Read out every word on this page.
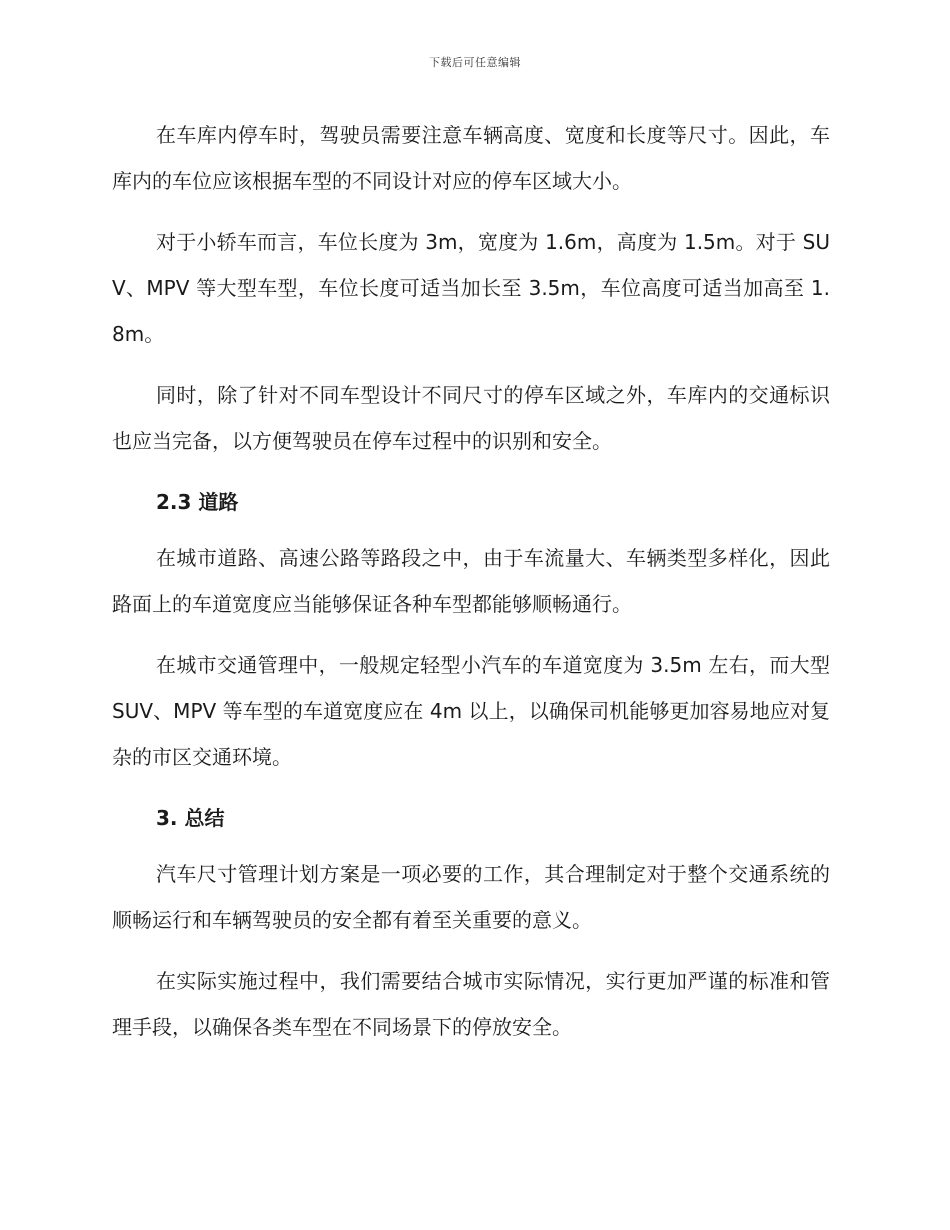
下载后可任意编辑

在车库内停车时，驾驶员需要注意车辆高度、宽度和长度等尺寸。因此，车库内的车位应该根据车型的不同设计对应的停车区域大小。

对于小轿车而言，车位长度为 3m，宽度为 1.6m，高度为 1.5m。对于 SUV、MPV 等大型车型，车位长度可适当加长至 3.5m，车位高度可适当加高至 1.8m。

同时，除了针对不同车型设计不同尺寸的停车区域之外，车库内的交通标识也应当完备，以方便驾驶员在停车过程中的识别和安全。

2.3 道路

在城市道路、高速公路等路段之中，由于车流量大、车辆类型多样化，因此路面上的车道宽度应当能够保证各种车型都能够顺畅通行。

在城市交通管理中，一般规定轻型小汽车的车道宽度为 3.5m 左右，而大型 SUV、MPV 等车型的车道宽度应在 4m 以上，以确保司机能够更加容易地应对复杂的市区交通环境。

3. 总结

汽车尺寸管理计划方案是一项必要的工作，其合理制定对于整个交通系统的顺畅运行和车辆驾驶员的安全都有着至关重要的意义。

在实际实施过程中，我们需要结合城市实际情况，实行更加严谨的标准和管理手段，以确保各类车型在不同场景下的停放安全。
